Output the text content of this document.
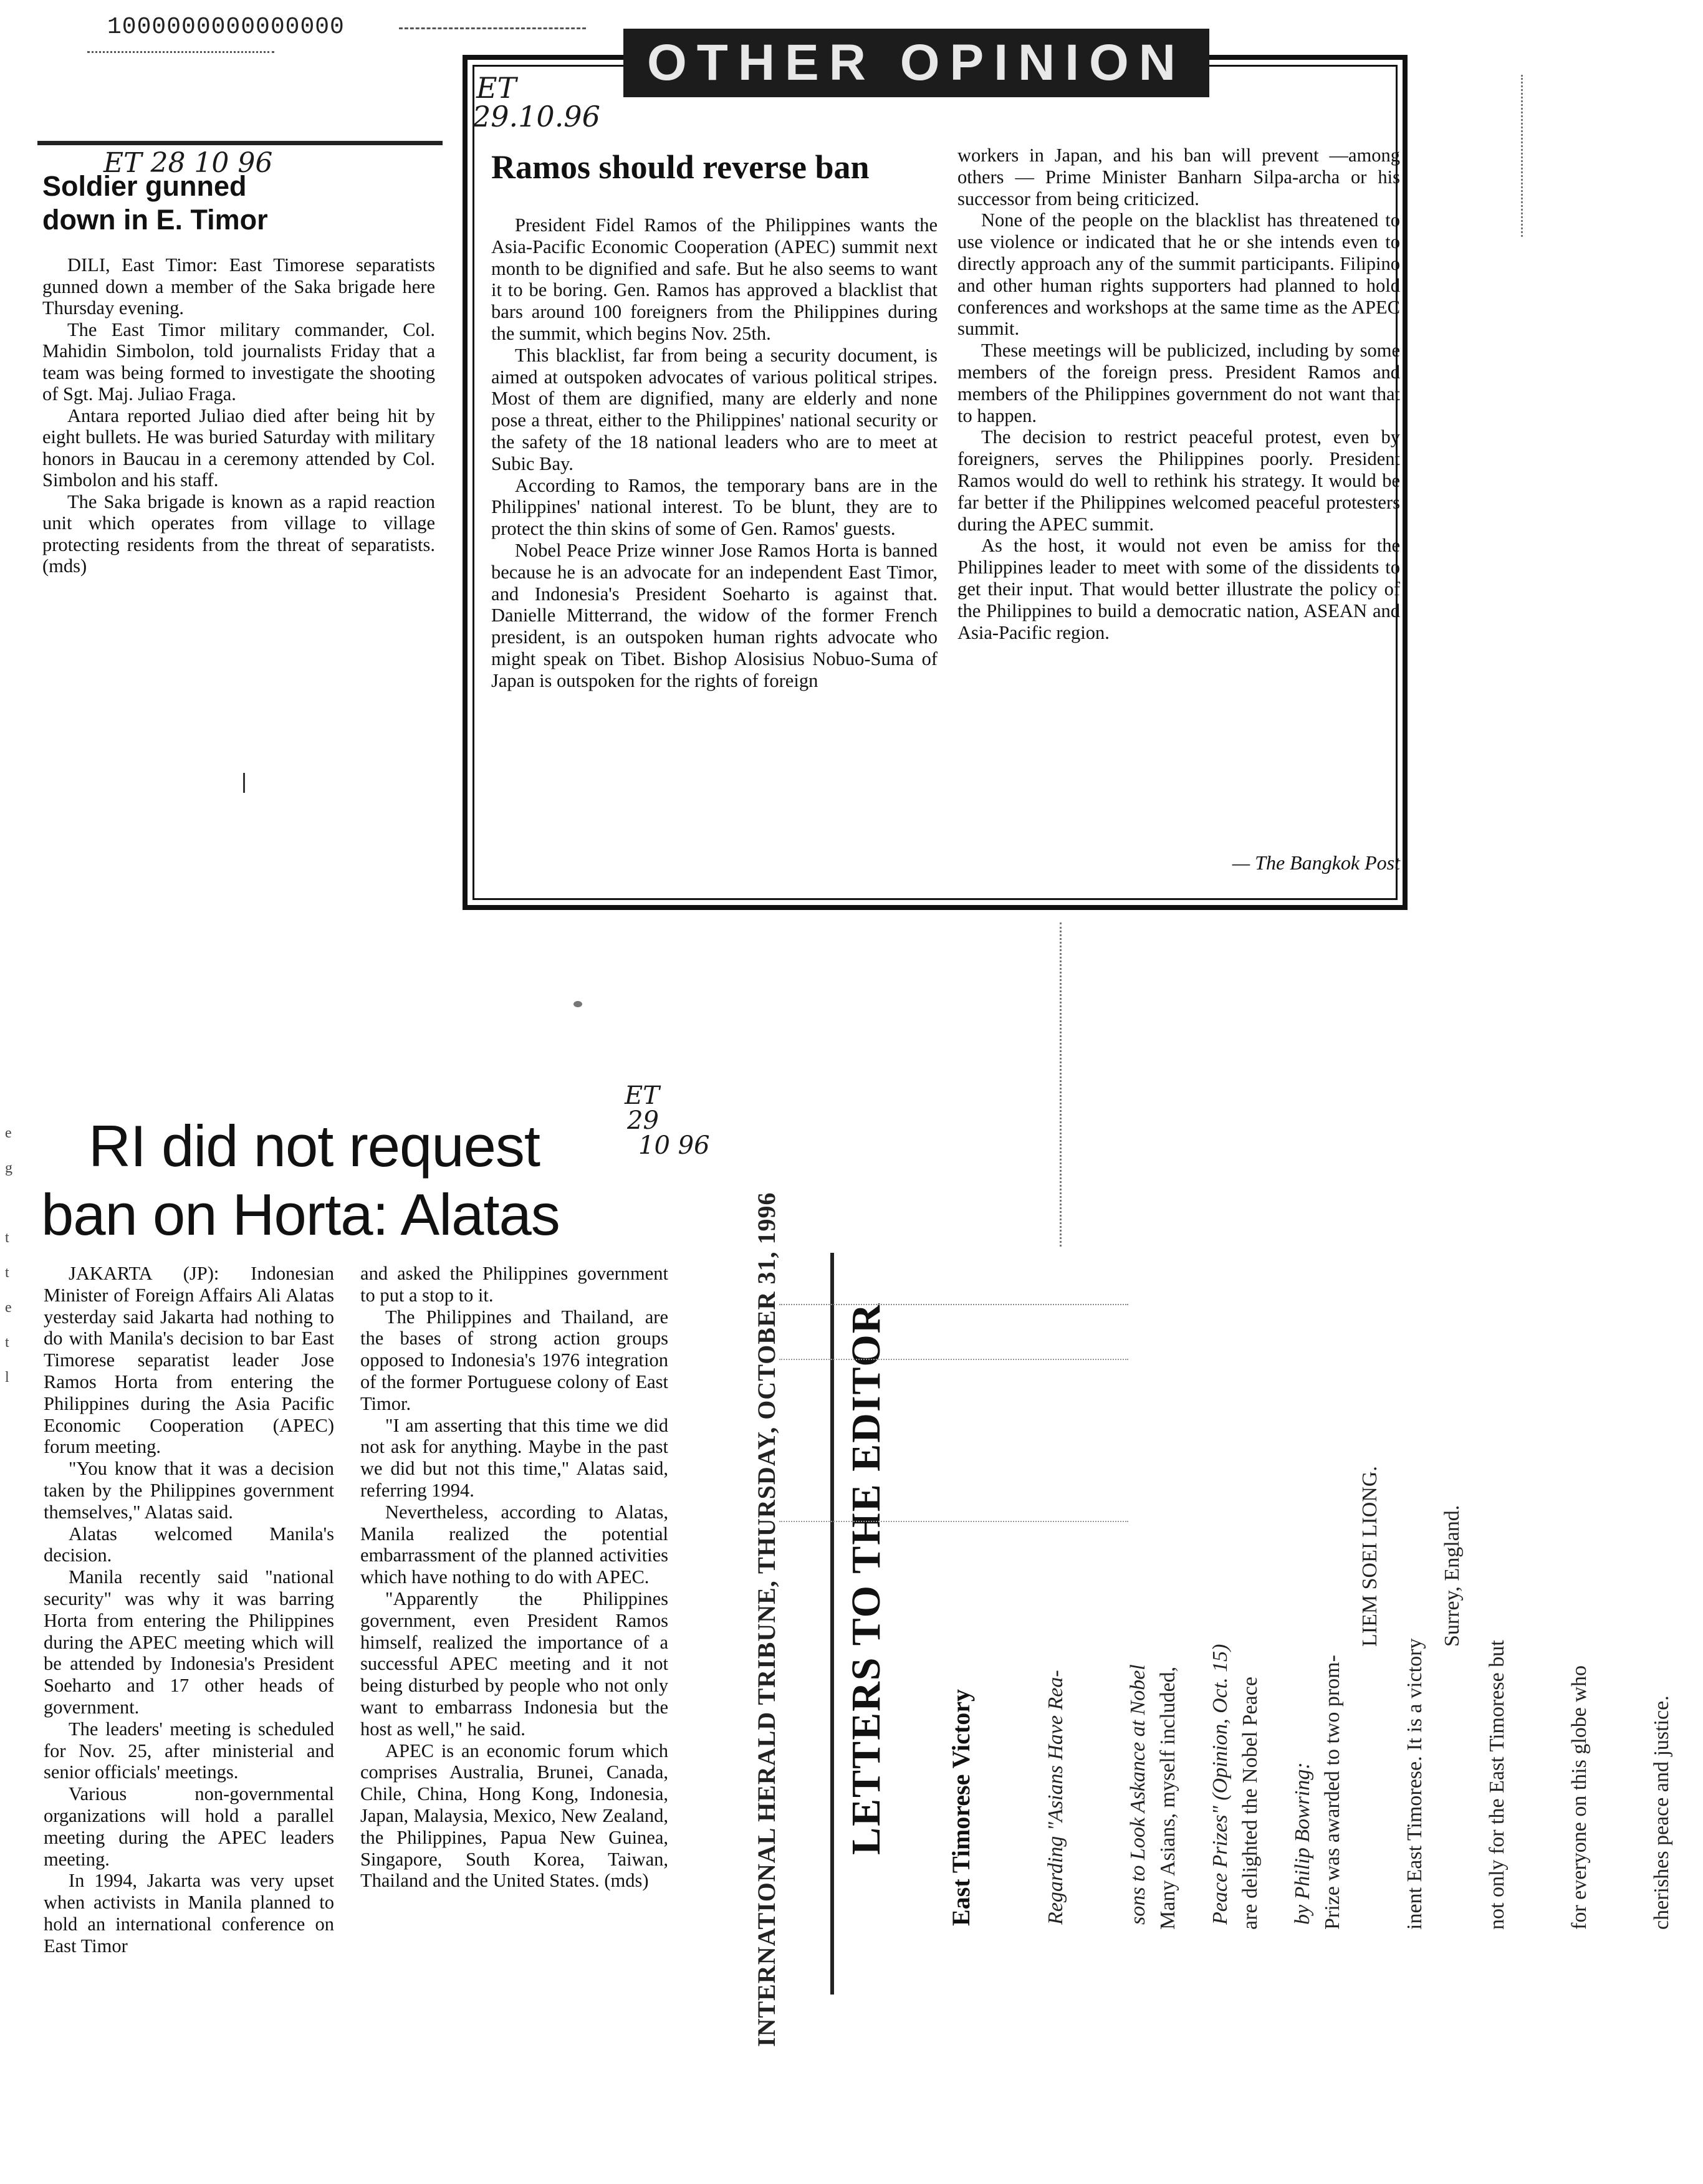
1000000000000000
ET 28 10 96
Soldier gunned
down in E. Timor

DILI, East Timor: East Timorese separatists gunned down a member of the Saka brigade here Thursday evening.

The East Timor military commander, Col. Mahidin Simbolon, told journalists Friday that a team was being formed to investigate the shooting of Sgt. Maj. Juliao Fraga.

Antara reported Juliao died after being hit by eight bullets. He was buried Saturday with military honors in Baucau in a ceremony attended by Col. Simbolon and his staff.

The Saka brigade is known as a rapid reaction unit which operates from village to village protecting residents from the threat of separatists. (mds)

OTHER OPINION
ET
29.10.96
Ramos should reverse ban

President Fidel Ramos of the Philippines wants the Asia-Pacific Economic Cooperation (APEC) summit next month to be dignified and safe. But he also seems to want it to be boring. Gen. Ramos has approved a blacklist that bars around 100 foreigners from the Philippines during the summit, which begins Nov. 25th.

This blacklist, far from being a security document, is aimed at outspoken advocates of various political stripes. Most of them are dignified, many are elderly and none pose a threat, either to the Philippines' national security or the safety of the 18 national leaders who are to meet at Subic Bay.

According to Ramos, the temporary bans are in the Philippines' national interest. To be blunt, they are to protect the thin skins of some of Gen. Ramos' guests.

Nobel Peace Prize winner Jose Ramos Horta is banned because he is an advocate for an independent East Timor, and Indonesia's President Soeharto is against that. Danielle Mitterrand, the widow of the former French president, is an outspoken human rights advocate who might speak on Tibet. Bishop Alosisius Nobuo-Suma of Japan is outspoken for the rights of foreign

workers in Japan, and his ban will prevent —among others — Prime Minister Banharn Silpa-archa or his successor from being criticized.

None of the people on the blacklist has threatened to use violence or indicated that he or she intends even to directly approach any of the summit participants. Filipino and other human rights supporters had planned to hold conferences and workshops at the same time as the APEC summit.

These meetings will be publicized, including by some members of the foreign press. President Ramos and members of the Philippines government do not want that to happen.

The decision to restrict peaceful protest, even by foreigners, serves the Philippines poorly. President Ramos would do well to rethink his strategy. It would be far better if the Philippines welcomed peaceful protesters during the APEC summit.

As the host, it would not even be amiss for the Philippines leader to meet with some of the dissidents to get their input. That would better illustrate the policy of the Philippines to build a democratic nation, ASEAN and Asia-Pacific region.

— The Bangkok Post
e
g
t
t
e
t
l
RI did not request
ban on Horta: Alatas
ET
29
10 96

JAKARTA (JP): Indonesian Minister of Foreign Affairs Ali Alatas yesterday said Jakarta had nothing to do with Manila's decision to bar East Timorese separatist leader Jose Ramos Horta from entering the Philippines during the Asia Pacific Economic Cooperation (APEC) forum meeting.

"You know that it was a decision taken by the Philippines government themselves," Alatas said.

Alatas welcomed Manila's decision.

Manila recently said "national security" was why it was barring Horta from entering the Philippines during the APEC meeting which will be attended by Indonesia's President Soeharto and 17 other heads of government.

The leaders' meeting is scheduled for Nov. 25, after ministerial and senior officials' meetings.

Various non-governmental organizations will hold a parallel meeting during the APEC leaders meeting.

In 1994, Jakarta was very upset when activists in Manila planned to hold an international conference on East Timor

and asked the Philippines government to put a stop to it.

The Philippines and Thailand, are the bases of strong action groups opposed to Indonesia's 1976 integration of the former Portuguese colony of East Timor.

"I am asserting that this time we did not ask for anything. Maybe in the past we did but not this time," Alatas said, referring 1994.

Nevertheless, according to Alatas, Manila realized the potential embarrassment of the planned activities which have nothing to do with APEC.

"Apparently the Philippines government, even President Ramos himself, realized the importance of a successful APEC meeting and it not being disturbed by people who not only want to embarrass Indonesia but the host as well," he said.

APEC is an economic forum which comprises Australia, Brunei, Canada, Chile, China, Hong Kong, Indonesia, Japan, Malaysia, Mexico, New Zealand, the Philippines, Papua New Guinea, Singapore, South Korea, Taiwan, Thailand and the United States. (mds)	INTERNATIONAL HERALD TRIBUNE, THURSDAY, OCTOBER 31, 1996 LETTERS TO THE EDITOR East Timorese Victory

	Regarding "Asians Have Rea-

	sons to Look Askance at Nobel

	Peace Prizes" (Opinion, Oct. 15)

	by Philip Bowring:

Many Asians, myself included,

	are delighted the Nobel Peace

	Prize was awarded to two prom-

	inent East Timorese. It is a victory

	not only for the East Timorese but

	for everyone on this globe who

	cherishes peace and justice.

LIEM SOEI LIONG.

	Surrey, England.
